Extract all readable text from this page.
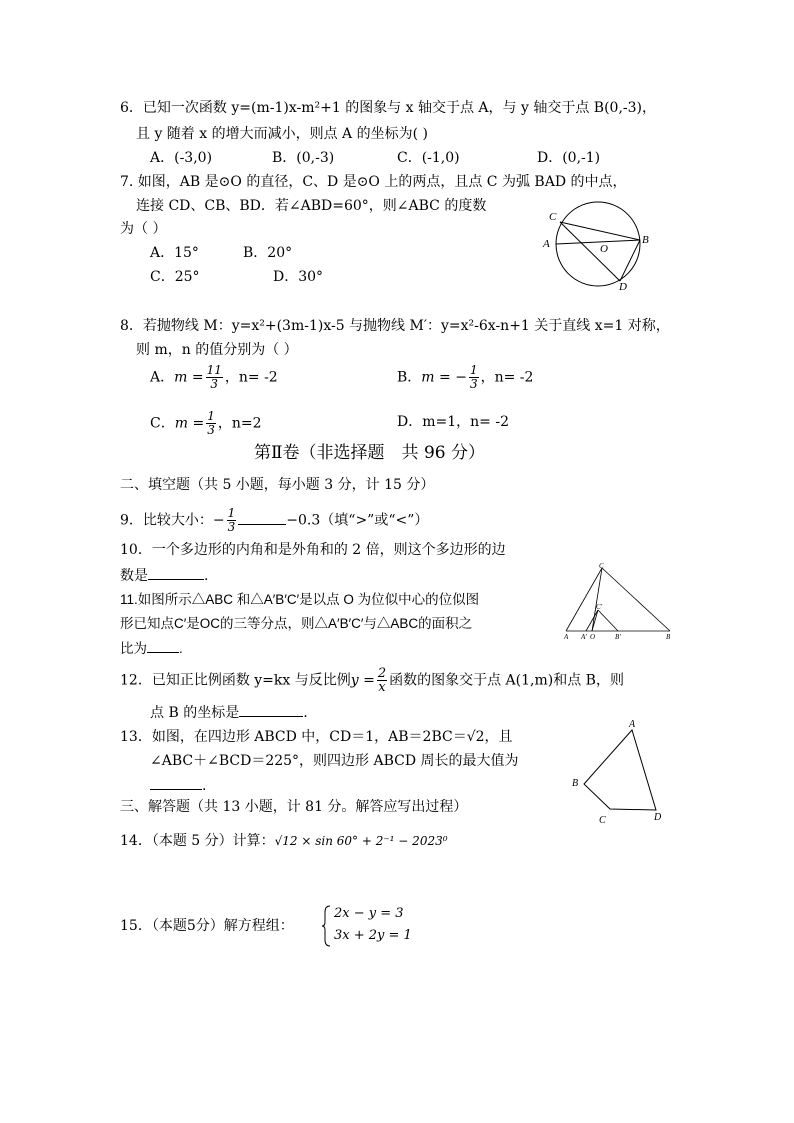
6．已知一次函数 y=(m-1)x-m²+1 的图象与 x 轴交于点 A，与 y 轴交于点 B(0,-3)，
且 y 随着 x 的增大而减小，则点 A 的坐标为( )
A．(-3,0)	B．(0,-3)	C．(-1,0)	D．(0,-1)
7. 如图，AB 是⊙O 的直径，C、D 是⊙O 上的两点，且点 C 为弧 BAD 的中点，
连接 CD、CB、BD．若∠ABD=60°，则∠ABC 的度数
为（ ）
A．15°	B．20°
C．25°	D．30°
C
A	O
B
D
8．若抛物线 M：y=x²+(3m-1)x-5 与抛物线 M′：y=x²-6x-n+1 关于直线 x=1 对称，
则 m，n 的值分别为（ ）
A．$m = \frac{11}{3}$ ，n= -2	B．m = − $\frac{1}{3}$ ，n= -2
C．$m = \frac{1}{3}$ ，n=2	D．m=1，n= -2
第Ⅱ卷（非选择题　共 96 分）
二、填空题（共 5 小题，每小题 3 分，计 15 分）
9．比较大小：− $\frac{1}{3}$	−0.3（填“>”或“<”）
10．一个多边形的内角和是外角和的 2 倍，则这个多边形的边
数是	.
11.如图所示△ABC 和△A′B′C′是以点 O 为位似中心的位似图
形已知点C′是OC的三等分点，则△A′B′C′与△ABC的面积之
比为 .
C
C′
A A′ O	B′	B
12．已知正比例函数 y=kx 与反比例$y = \frac{2}{x}$ 函数的图象交于点 A(1,m)和点 B，则
点 B 的坐标是	.
13．如图，在四边形 ABCD 中，CD＝1，AB＝2BC＝√2，且
∠ABC＋∠BCD＝225°，则四边形 ABCD 周长的最大值为
.
A
B
C	D
三、解答题（共 13 小题，计 81 分。解答应写出过程）
14．（本题 5 分）计算：√12 × sin 60° + 2⁻¹ − 2023⁰
15．（本题5分）解方程组：
2x − y = 3
3x + 2y = 1
